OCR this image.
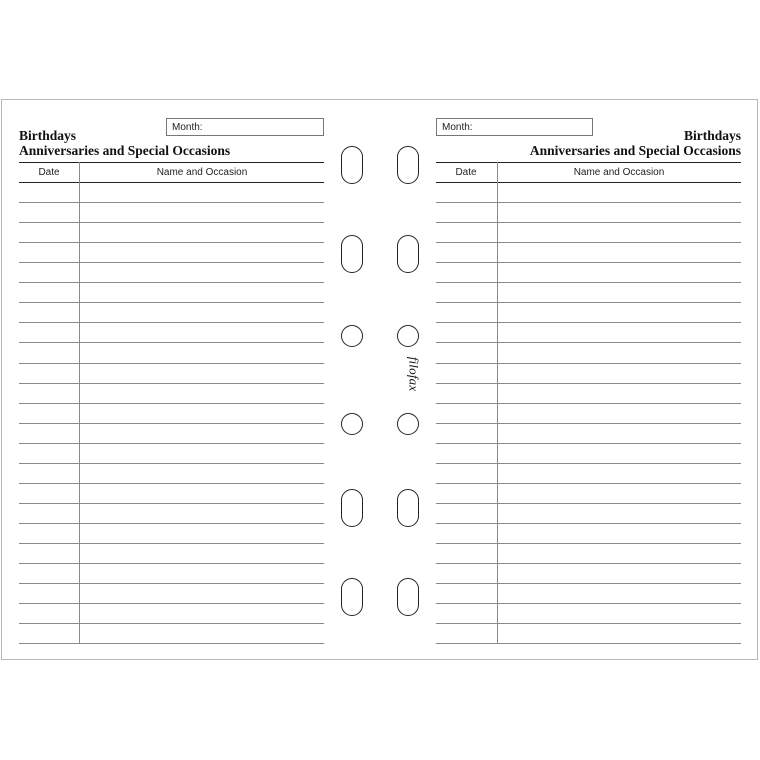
Birthdays
Anniversaries and Special Occasions
Month:
Date	Name and Occasion
filofax
Month:
Birthdays
Anniversaries and Special Occasions
Date	Name and Occasion
